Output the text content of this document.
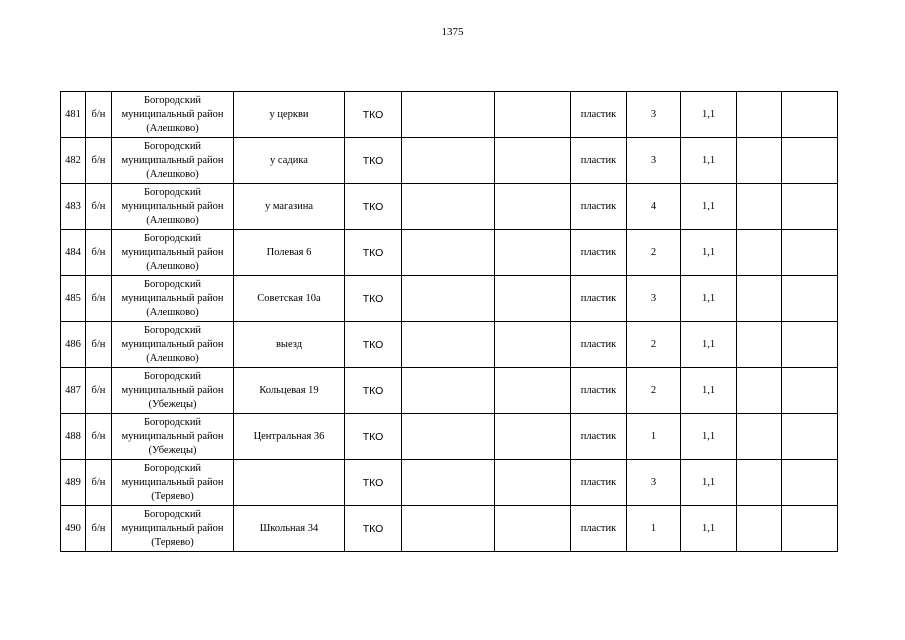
1375
481	б/н	Богородский
муниципальный район
(Алешково)	у церкви	ТКО			пластик	3	1,1		
482	б/н	Богородский
муниципальный район
(Алешково)	у садика	ТКО			пластик	3	1,1		
483	б/н	Богородский
муниципальный район
(Алешково)	у магазина	ТКО			пластик	4	1,1		
484	б/н	Богородский
муниципальный район
(Алешково)	Полевая 6	ТКО			пластик	2	1,1		
485	б/н	Богородский
муниципальный район
(Алешково)	Советская 10а	ТКО			пластик	3	1,1		
486	б/н	Богородский
муниципальный район
(Алешково)	выезд	ТКО			пластик	2	1,1		
487	б/н	Богородский
муниципальный район
(Убежецы)	Кольцевая 19	ТКО			пластик	2	1,1		
488	б/н	Богородский
муниципальный район
(Убежецы)	Центральная 36	ТКО			пластик	1	1,1		
489	б/н	Богородский
муниципальный район
(Теряево)		ТКО			пластик	3	1,1		
490	б/н	Богородский
муниципальный район
(Теряево)	Школьная 34	ТКО			пластик	1	1,1		
